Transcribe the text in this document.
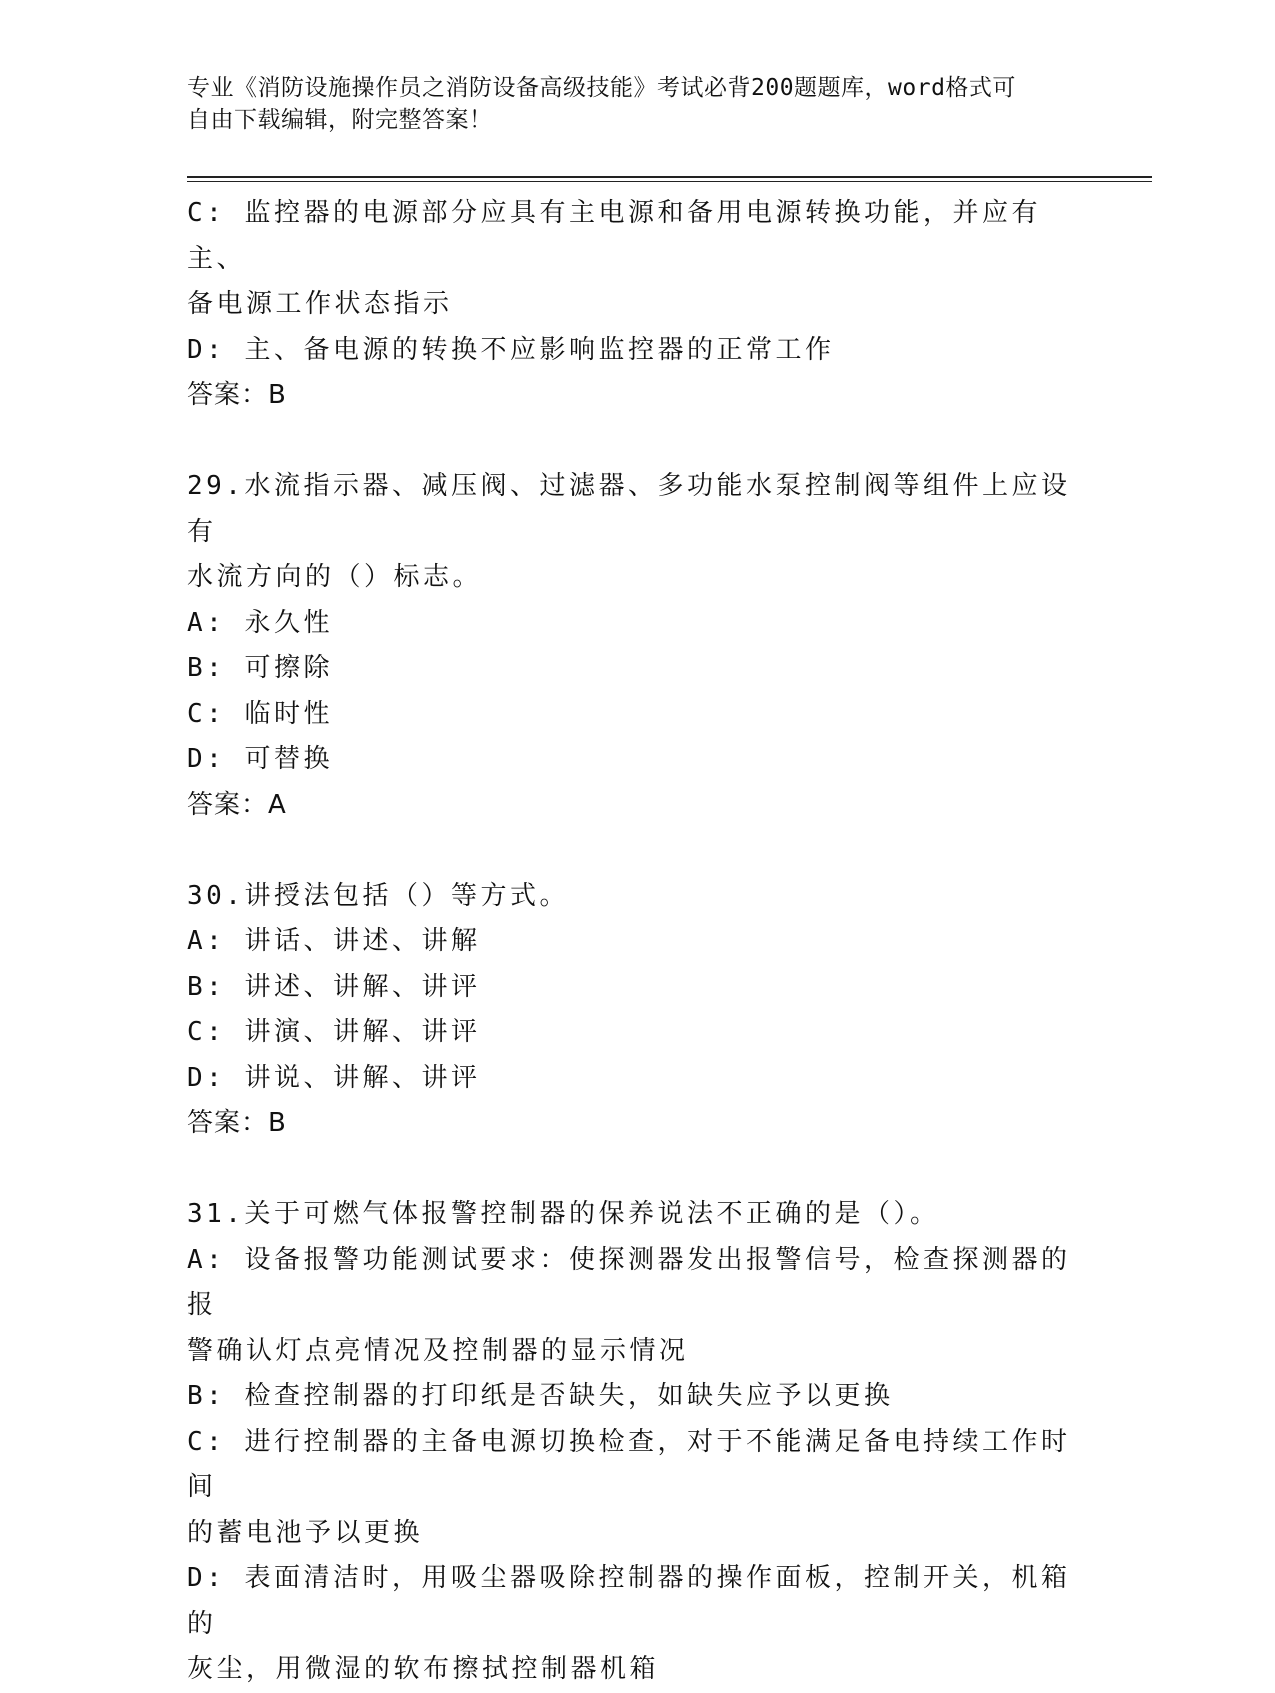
专业《消防设施操作员之消防设备高级技能》考试必背200题题库，word格式可
自由下载编辑，附完整答案！
C: 监控器的电源部分应具有主电源和备用电源转换功能，并应有主、
备电源工作状态指示
D: 主、备电源的转换不应影响监控器的正常工作
答案：B
29.水流指示器、减压阀、过滤器、多功能水泵控制阀等组件上应设有
水流方向的（）标志。
A: 永久性
B: 可擦除
C: 临时性
D: 可替换
答案：A
30.讲授法包括（）等方式。
A: 讲话、讲述、讲解
B: 讲述、讲解、讲评
C: 讲演、讲解、讲评
D: 讲说、讲解、讲评
答案：B
31.关于可燃气体报警控制器的保养说法不正确的是（）。
A: 设备报警功能测试要求：使探测器发出报警信号，检查探测器的报
警确认灯点亮情况及控制器的显示情况
B: 检查控制器的打印纸是否缺失，如缺失应予以更换
C: 进行控制器的主备电源切换检查，对于不能满足备电持续工作时间
的蓄电池予以更换
D: 表面清洁时，用吸尘器吸除控制器的操作面板，控制开关，机箱的
灰尘，用微湿的软布擦拭控制器机箱
